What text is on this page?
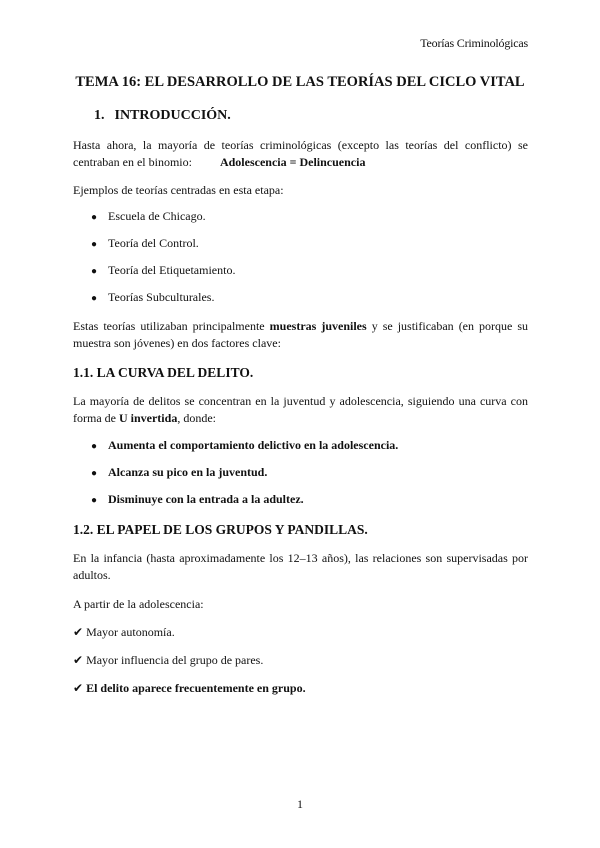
Teorías Criminológicas
TEMA 16: EL DESARROLLO DE LAS TEORÍAS DEL CICLO VITAL
1. INTRODUCCIÓN.
Hasta ahora, la mayoría de teorías criminológicas (excepto las teorías del conflicto) se centraban en el binomio: Adolescencia = Delincuencia
Ejemplos de teorías centradas en esta etapa:
● Escuela de Chicago.
● Teoría del Control.
● Teoría del Etiquetamiento.
● Teorías Subculturales.
Estas teorías utilizaban principalmente muestras juveniles y se justificaban (en porque su muestra son jóvenes) en dos factores clave:
1.1. LA CURVA DEL DELITO.
La mayoría de delitos se concentran en la juventud y adolescencia, siguiendo una curva con forma de U invertida, donde:
● Aumenta el comportamiento delictivo en la adolescencia.
● Alcanza su pico en la juventud.
● Disminuye con la entrada a la adultez.
1.2. EL PAPEL DE LOS GRUPOS Y PANDILLAS.
En la infancia (hasta aproximadamente los 12–13 años), las relaciones son supervisadas por adultos.
A partir de la adolescencia:
✔ Mayor autonomía.
✔ Mayor influencia del grupo de pares.
✔ El delito aparece frecuentemente en grupo.
1
